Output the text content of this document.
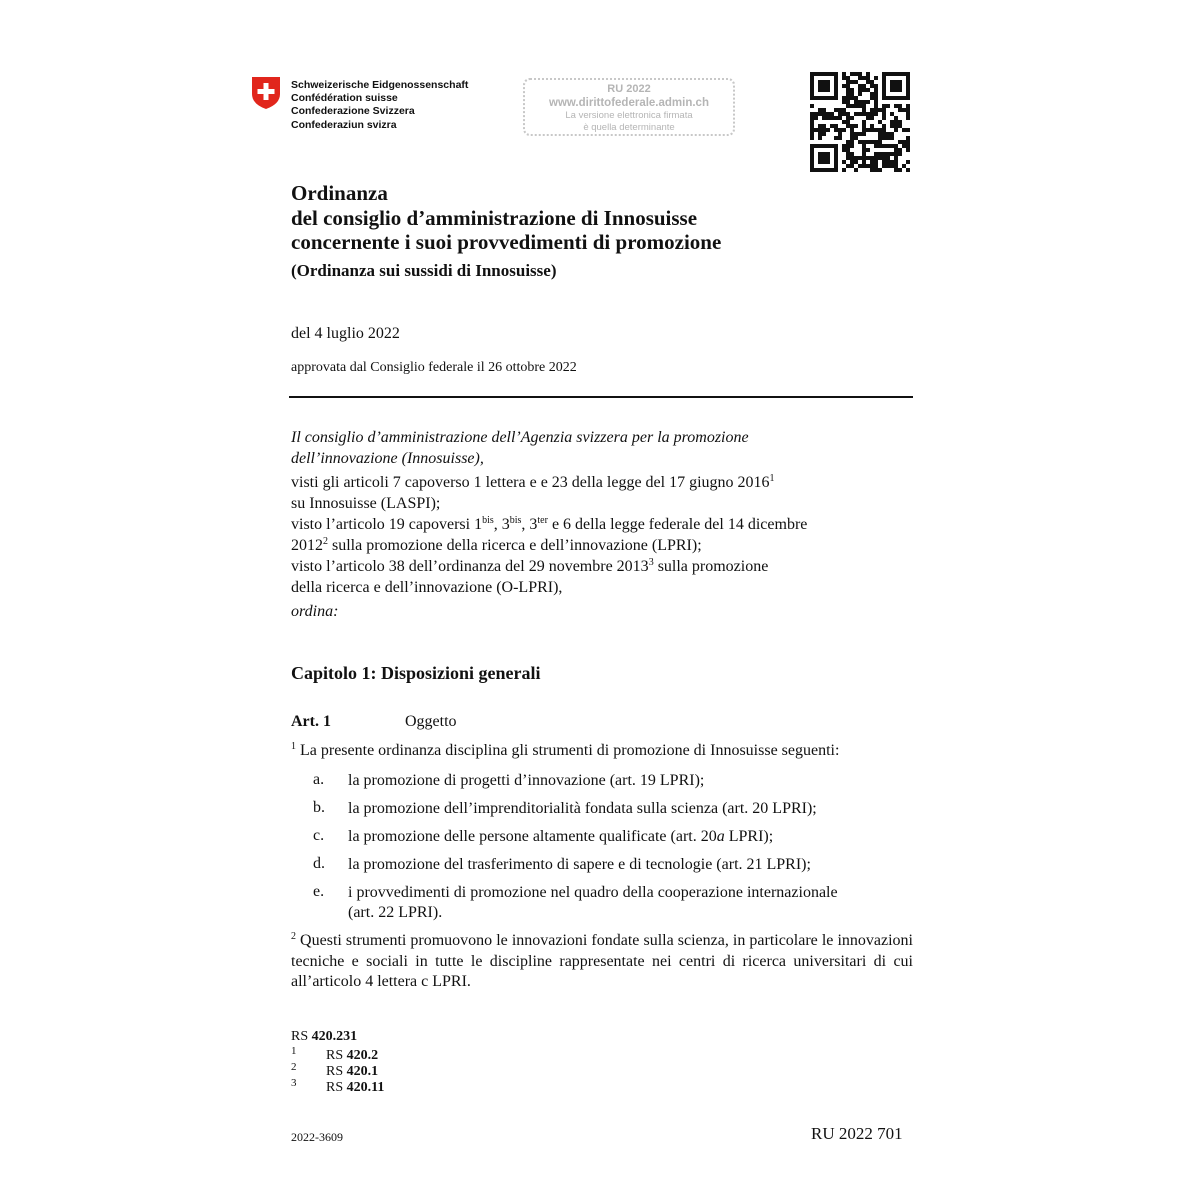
Schweizerische Eidgenossenschaft
Confédération suisse
Confederazione Svizzera
Confederaziun svizra
RU 2022
www.dirittofederale.admin.ch
La versione elettronica firmata
è quella determinante
Ordinanza
del consiglio d’amministrazione di Innosuisse
concernente i suoi provvedimenti di promozione
(Ordinanza sui sussidi di Innosuisse)
del 4 luglio 2022
approvata dal Consiglio federale il 26 ottobre 2022
Il consiglio d’amministrazione dell’Agenzia svizzera per la promozione
dell’innovazione (Innosuisse),
visti gli articoli 7 capoverso 1 lettera e e 23 della legge del 17 giugno 2016$^1$
su Innosuisse (LASPI);
visto l’articolo 19 capoversi $1^{bis}$, $3^{bis}$, $3^{ter}$ e 6 della legge federale del 14 dicembre
2012$^2$ sulla promozione della ricerca e dell’innovazione (LPRI);
visto l’articolo 38 dell’ordinanza del 29 novembre 2013$^3$ sulla promozione
della ricerca e dell’innovazione (O-LPRI),
ordina:
Capitolo 1: Disposizioni generali
Art. 1	Oggetto
$^1$ La presente ordinanza disciplina gli strumenti di promozione di Innosuisse seguenti:
a. la promozione di progetti d’innovazione (art. 19 LPRI);
b. la promozione dell’imprenditorialità fondata sulla scienza (art. 20 LPRI);
c. la promozione delle persone altamente qualificate (art. 20a LPRI);
d. la promozione del trasferimento di sapere e di tecnologie (art. 21 LPRI);
e. i provvedimenti di promozione nel quadro della cooperazione internazionale
(art. 22 LPRI).
$^2$ Questi strumenti promuovono le innovazioni fondate sulla scienza, in particolare le innovazioni tecniche e sociali in tutte le discipline rappresentate nei centri di ricerca universitari di cui all’articolo 4 lettera c LPRI.
RS 420.231
1 RS 420.2
2 RS 420.1
3 RS 420.11
2022-3609	RU 2022 701
